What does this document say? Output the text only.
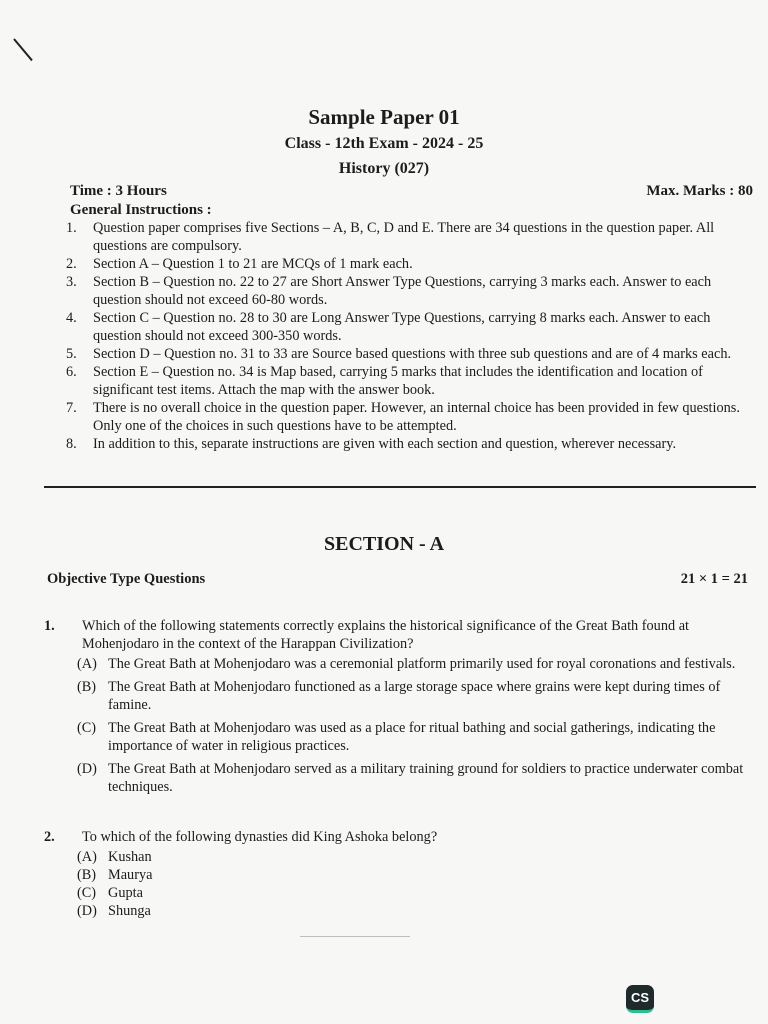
Sample Paper 01
Class - 12th Exam - 2024 - 25
History (027)
Time : 3 Hours	Max. Marks : 80
General Instructions :
1. Question paper comprises five Sections – A, B, C, D and E. There are 34 questions in the question paper. All questions are compulsory.
2. Section A – Question 1 to 21 are MCQs of 1 mark each.
3. Section B – Question no. 22 to 27 are Short Answer Type Questions, carrying 3 marks each. Answer to each question should not exceed 60-80 words.
4. Section C – Question no. 28 to 30 are Long Answer Type Questions, carrying 8 marks each. Answer to each question should not exceed 300-350 words.
5. Section D – Question no. 31 to 33 are Source based questions with three sub questions and are of 4 marks each.
6. Section E – Question no. 34 is Map based, carrying 5 marks that includes the identification and location of significant test items. Attach the map with the answer book.
7. There is no overall choice in the question paper. However, an internal choice has been provided in few questions. Only one of the choices in such questions have to be attempted.
8. In addition to this, separate instructions are given with each section and question, wherever necessary.
SECTION - A
Objective Type Questions	21 × 1 = 21
1. Which of the following statements correctly explains the historical significance of the Great Bath found at Mohenjodaro in the context of the Harappan Civilization?
(A) The Great Bath at Mohenjodaro was a ceremonial platform primarily used for royal coronations and festivals.
(B) The Great Bath at Mohenjodaro functioned as a large storage space where grains were kept during times of famine.
(C) The Great Bath at Mohenjodaro was used as a place for ritual bathing and social gatherings, indicating the importance of water in religious practices.
(D) The Great Bath at Mohenjodaro served as a military training ground for soldiers to practice underwater combat techniques.
2. To which of the following dynasties did King Ashoka belong?
(A) Kushan
(B) Maurya
(C) Gupta
(D) Shunga
CS
